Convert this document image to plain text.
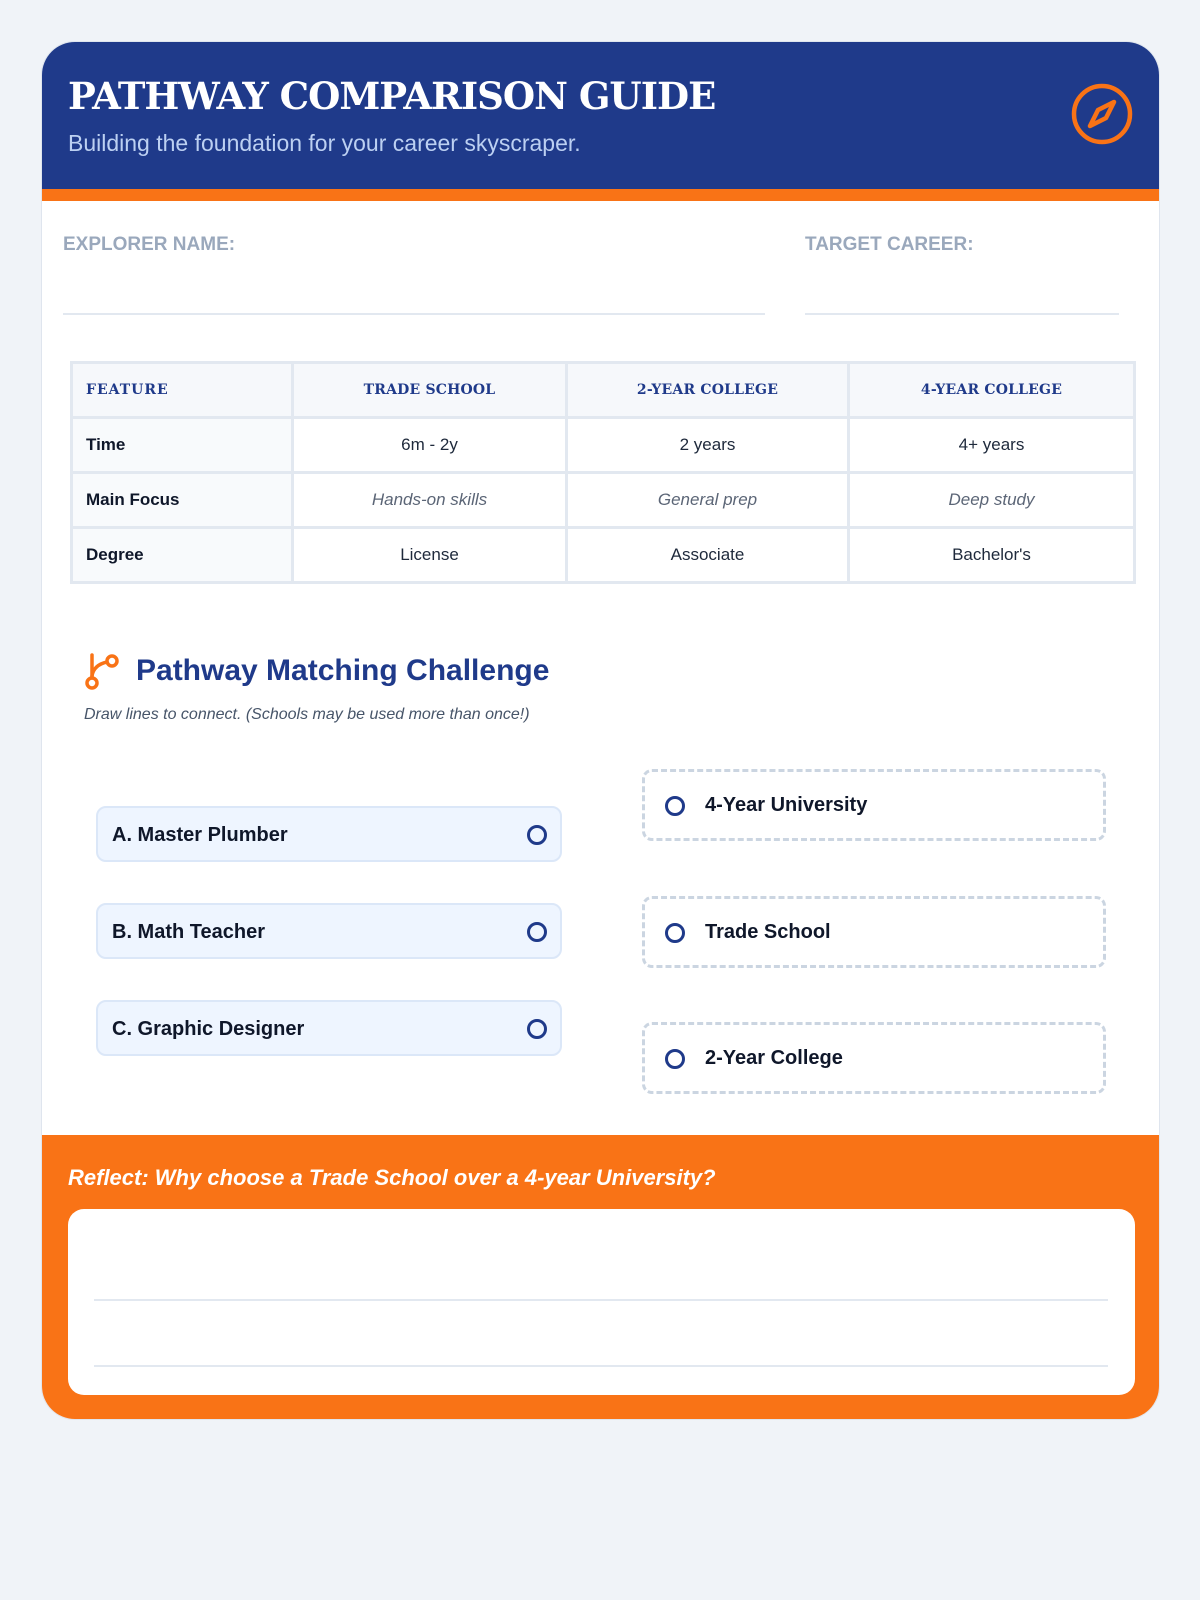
PATHWAY COMPARISON GUIDE
Building the foundation for your career skyscraper.
EXPLORER NAME:	TARGET CAREER:
FEATURE	TRADE SCHOOL	2-YEAR COLLEGE	4-YEAR COLLEGE
Time	6m - 2y	2 years	4+ years
Main Focus	Hands-on skills	General prep	Deep study
Degree	License	Associate	Bachelor's
Pathway Matching Challenge
Draw lines to connect. (Schools may be used more than once!)
A. Master Plumber
B. Math Teacher
C. Graphic Designer
4-Year University
Trade School
2-Year College
Reflect: Why choose a Trade School over a 4-year University?
